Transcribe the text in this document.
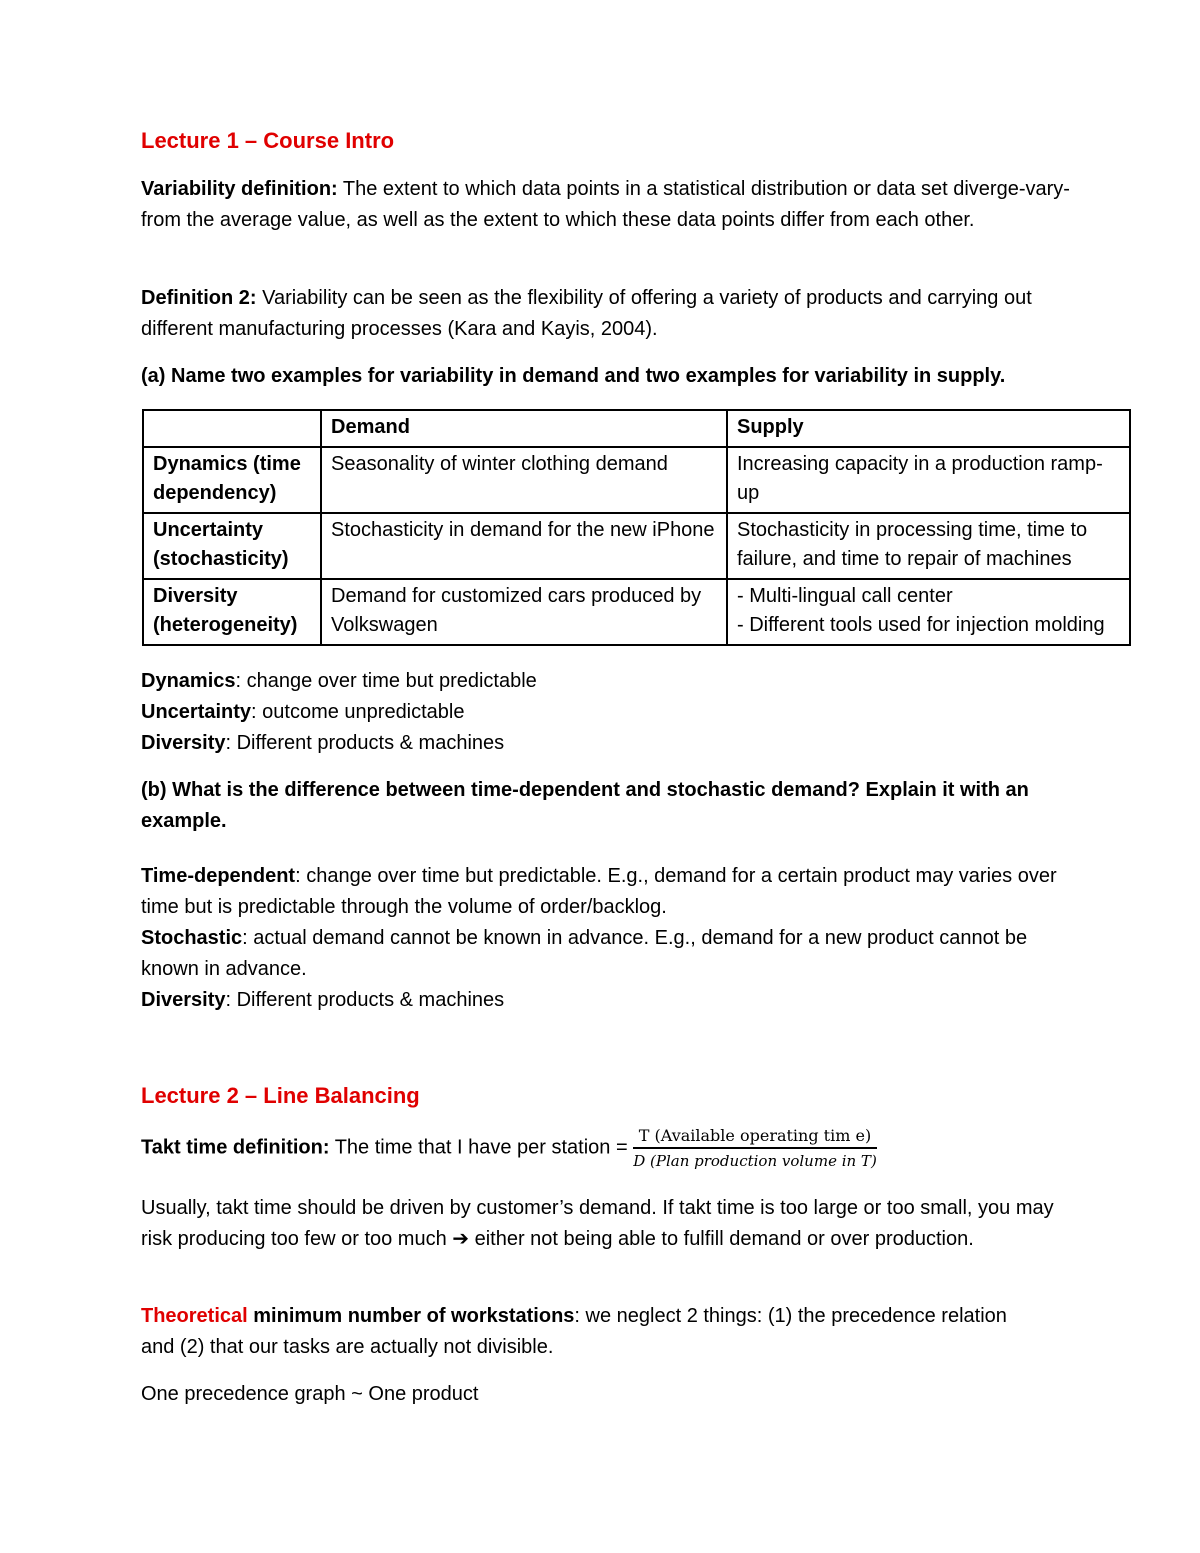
Lecture 1 – Course Intro
Variability definition: The extent to which data points in a statistical distribution or data set diverge-vary-from the average value, as well as the extent to which these data points differ from each other.
Definition 2: Variability can be seen as the flexibility of offering a variety of products and carrying out different manufacturing processes (Kara and Kayis, 2004).
(a) Name two examples for variability in demand and two examples for variability in supply.
	Demand	Supply
Dynamics (time dependency)	Seasonality of winter clothing demand	Increasing capacity in a production ramp-up
Uncertainty (stochasticity)	Stochasticity in demand for the new iPhone	Stochasticity in processing time, time to failure, and time to repair of machines
Diversity (heterogeneity)	Demand for customized cars produced by Volkswagen	- Multi-lingual call center
- Different tools used for injection molding
Dynamics: change over time but predictable
Uncertainty: outcome unpredictable
Diversity: Different products & machines
(b) What is the difference between time-dependent and stochastic demand? Explain it with an example.
Time-dependent: change over time but predictable. E.g., demand for a certain product may varies over time but is predictable through the volume of order/backlog.
Stochastic: actual demand cannot be known in advance. E.g., demand for a new product cannot be known in advance.
Diversity: Different products & machines
Lecture 2 – Line Balancing
Takt time definition: The time that I have per station = $\frac{\text{T (Available operating tim e)}}{\text{D (Plan production volume in T)}}$
Usually, takt time should be driven by customer’s demand. If takt time is too large or too small, you may risk producing too few or too much ➔ either not being able to fulfill demand or over production.
Theoretical minimum number of workstations: we neglect 2 things: (1) the precedence relation and (2) that our tasks are actually not divisible.
One precedence graph ~ One product
